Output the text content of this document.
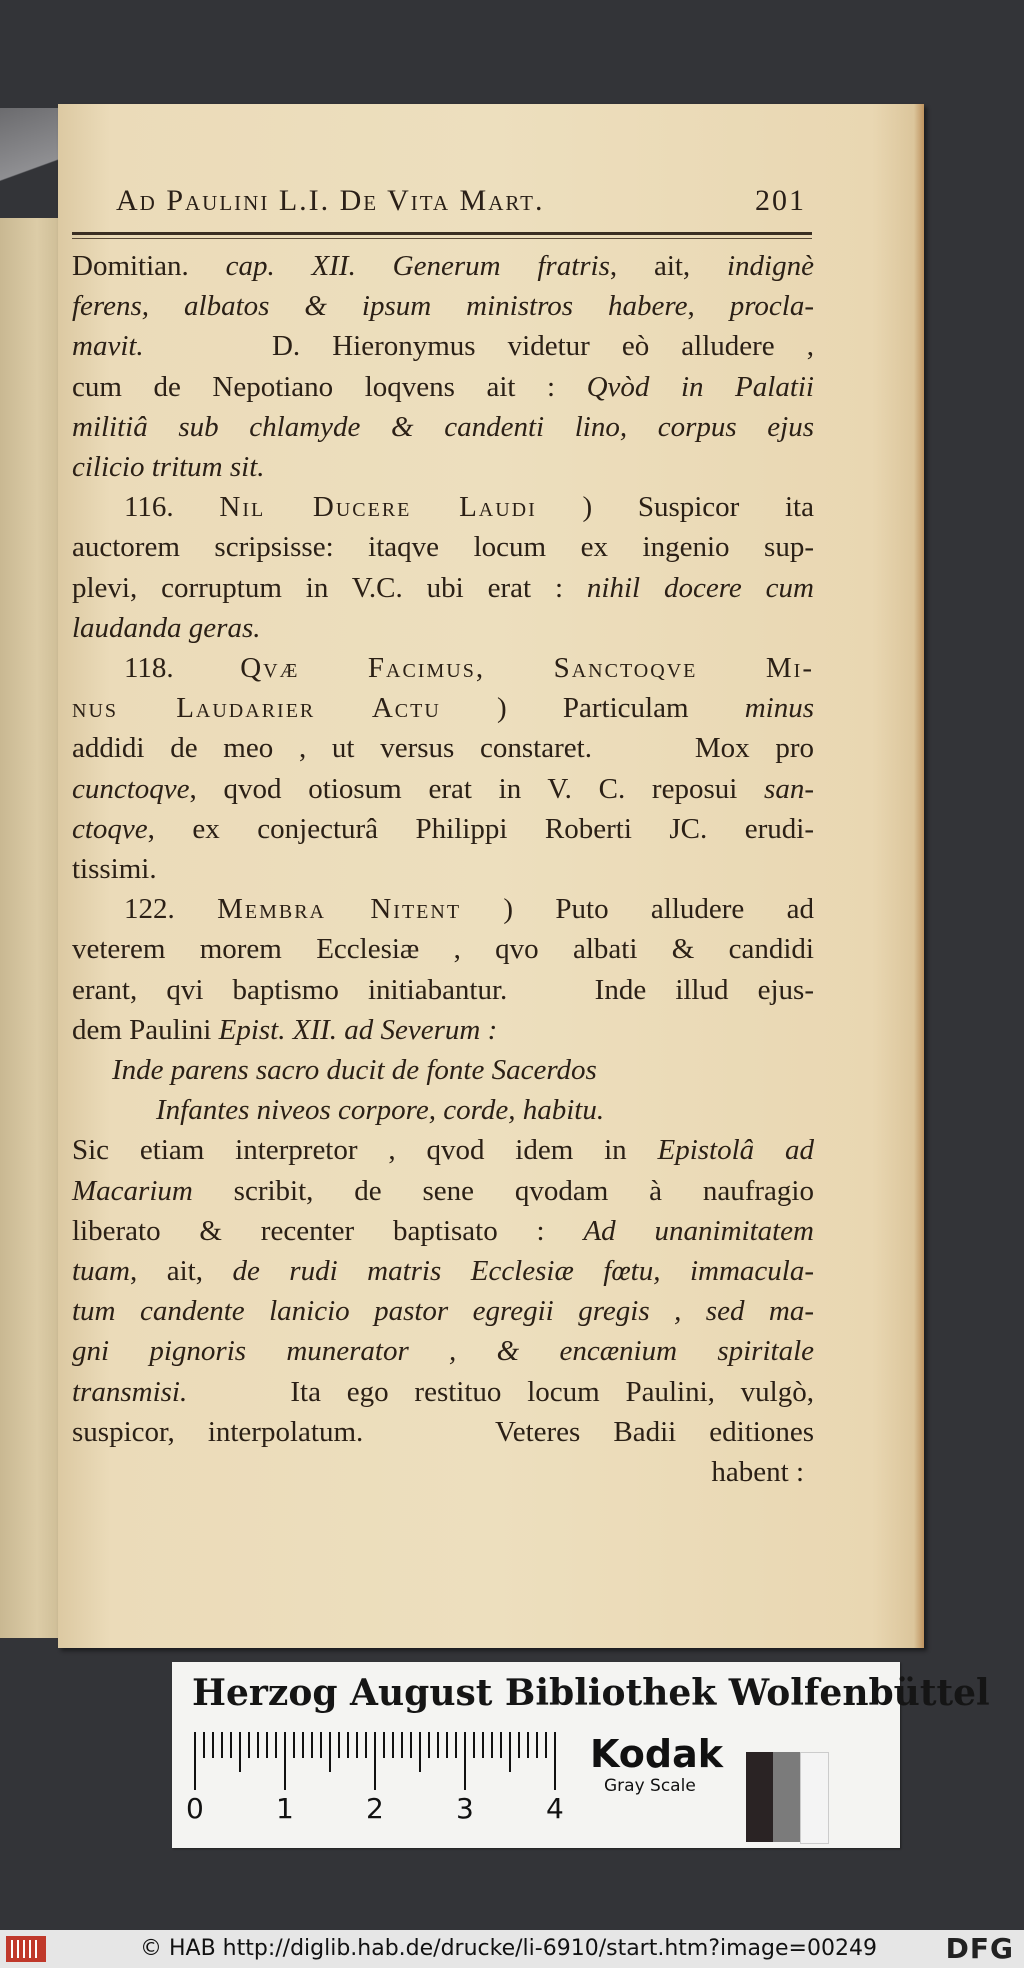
Ad Paulini L.I. De Vita Mart.	201
Domitian. cap. XII. Generum fratris, ait, indignè
ferens, albatos & ipsum ministros habere, procla-
mavit.    D. Hieronymus videtur eò alludere ,
cum de Nepotiano loqvens ait : Qvòd in Palatii
militiâ sub chlamyde & candenti lino, corpus ejus
cilicio tritum sit.
116. Nil Ducere Laudi ) Suspicor ita
auctorem scripsisse: itaqve locum ex ingenio sup-
plevi, corruptum in V.C. ubi erat : nihil docere cum
laudanda geras.
118. Qvæ Facimus, Sanctoqve Mi-
nus Laudarier Actu ) Particulam minus
addidi de meo , ut versus constaret.    Mox pro
cunctoqve, qvod otiosum erat in V. C. reposui san-
ctoqve, ex conjecturâ Philippi Roberti JC. erudi-
tissimi.
122. Membra Nitent ) Puto alludere ad
veterem morem Ecclesiæ , qvo albati & candidi
erant, qvi baptismo initiabantur.   Inde illud ejus-
dem Paulini Epist. XII. ad Severum :
Inde parens sacro ducit de fonte Sacerdos
Infantes niveos corpore, corde, habitu.
Sic etiam interpretor , qvod idem in Epistolâ ad
Macarium scribit, de sene qvodam à naufragio
liberato & recenter baptisato : Ad unanimitatem
tuam, ait, de rudi matris Ecclesiæ fœtu, immacula-
tum candente lanicio pastor egregii gregis , sed ma-
gni pignoris munerator , & encænium spiritale
transmisi.    Ita ego restituo locum Paulini, vulgò,
suspicor, interpolatum.    Veteres Badii editiones
habent :
Herzog August Bibliothek Wolfenbüttel
0	1	2	3	4
Kodak
Gray Scale
© HAB http://diglib.hab.de/drucke/li-6910/start.htm?image=00249 DFG
